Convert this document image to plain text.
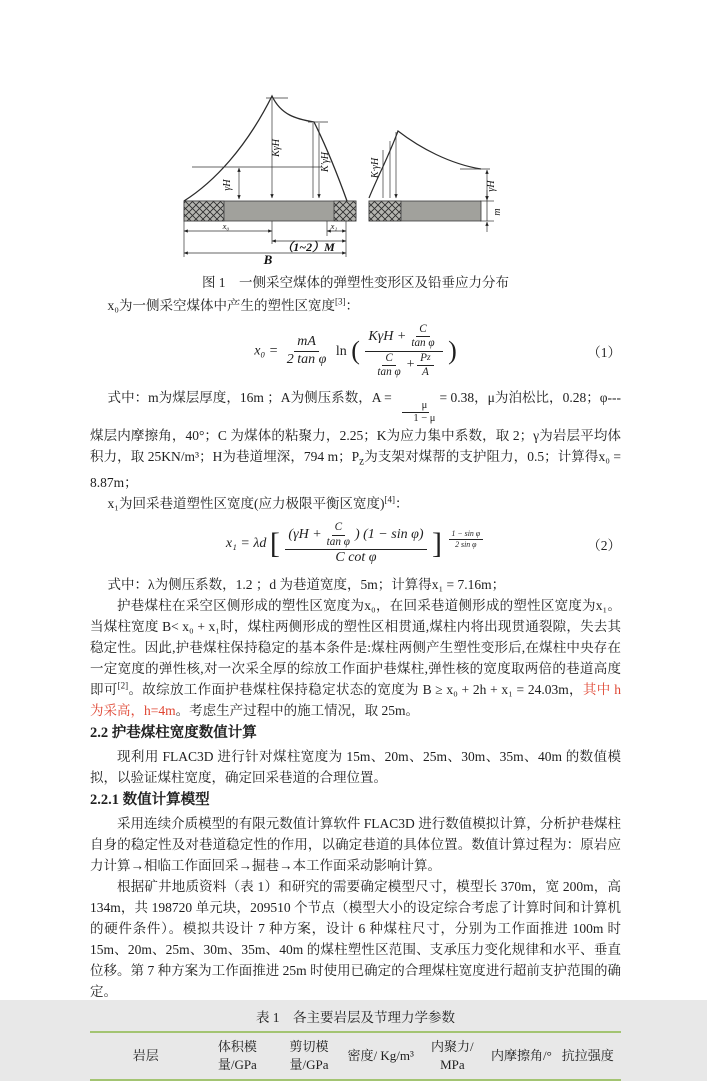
KγH
K′γH
γH
K·γH
γH
m
x₀	x₁
（1~2）M
B
图 1　一侧采空煤体的弹塑性变形区及铅垂应力分布

x₀为一侧采空煤体中产生的塑性区宽度[3]：

$x_0 = \frac{mA}{\text{2 tan φ}}$ ln ( $\frac{K\gamma H + \frac{C}{\text{tan φ}}}{\frac{C}{\text{tan φ}} + \frac{\text{P z}}{A}}$ )	（1）

式中：m为煤层厚度，16m ；A为侧压系数，A =
$\frac{\mu}{1 - \mu}$
= 0.38，μ为泊松比，0.28；φ---煤层内摩擦角，40°；C 为煤体的粘聚力，2.25；K为应力集中系数，取 2；γ为岩层平均体积力，取 25KN/m³；H为巷道埋深，794 m；$P_z$为支架对煤帮的支护阻力，0.5；计算得x₀ = 8.87m；

x₁为回采巷道塑性区宽度(应力极限平衡区宽度)[4]：

x₁ = λd [ $\frac{(\gamma H + \frac{C}{\text{tan φ}} ) (1 - \sin \varphi)}{\text{C cot φ}}$ ] $^{\frac{\text{1 − sin φ}}{\text{2 sin φ}}}$	（2）

式中：λ为侧压系数，1.2 ；d 为巷道宽度，5m；计算得x₁ = 7.16m；

护巷煤柱在采空区侧形成的塑性区宽度为x₀，在回采巷道侧形成的塑性区宽度为x₁。当煤柱宽度 B< x₀ + x₁时，煤柱两侧形成的塑性区相贯通,煤柱内将出现贯通裂隙，失去其稳定性。因此,护巷煤柱保持稳定的基本条件是:煤柱两侧产生塑性变形后,在煤柱中央存在一定宽度的弹性核,对一次采全厚的综放工作面护巷煤柱,弹性核的宽度取两倍的巷道高度即可[2]。故综放工作面护巷煤柱保持稳定状态的宽度为 B ≥ x₀ + 2h + x₁ = 24.03m，其中 h 为采高，h=4m。考虑生产过程中的施工情况，取 25m。

2.2 护巷煤柱宽度数值计算

现利用 FLAC3D 进行针对煤柱宽度为 15m、20m、25m、30m、35m、40m 的数值模拟，以验证煤柱宽度，确定回采巷道的合理位置。

2.2.1 数值计算模型

采用连续介质模型的有限元数值计算软件 FLAC3D 进行数值模拟计算，分析护巷煤柱自身的稳定性及对巷道稳定性的作用，以确定巷道的具体位置。数值计算过程为：原岩应力计算→相临工作面回采→掘巷→本工作面采动影响计算。

根据矿井地质资料（表 1）和研究的需要确定模型尺寸，模型长 370m，宽 200m，高 134m，共 198720 单元块，209510 个节点（模型大小的设定综合考虑了计算时间和计算机的硬件条件）。模拟共设计 7 种方案，设计 6 种煤柱尺寸，分别为工作面推进 100m 时 15m、20m、25m、30m、35m、40m 的煤柱塑性区范围、支承压力变化规律和水平、垂直位移。第 7 种方案为工作面推进 25m 时使用已确定的合理煤柱宽度进行超前支护范围的确定。

表 1　各主要岩层及节理力学参数
岩层	体积模量/GPa	剪切模量/GPa	密度/ Kg/m³	内聚力/ MPa	内摩擦角/°	抗拉强度
